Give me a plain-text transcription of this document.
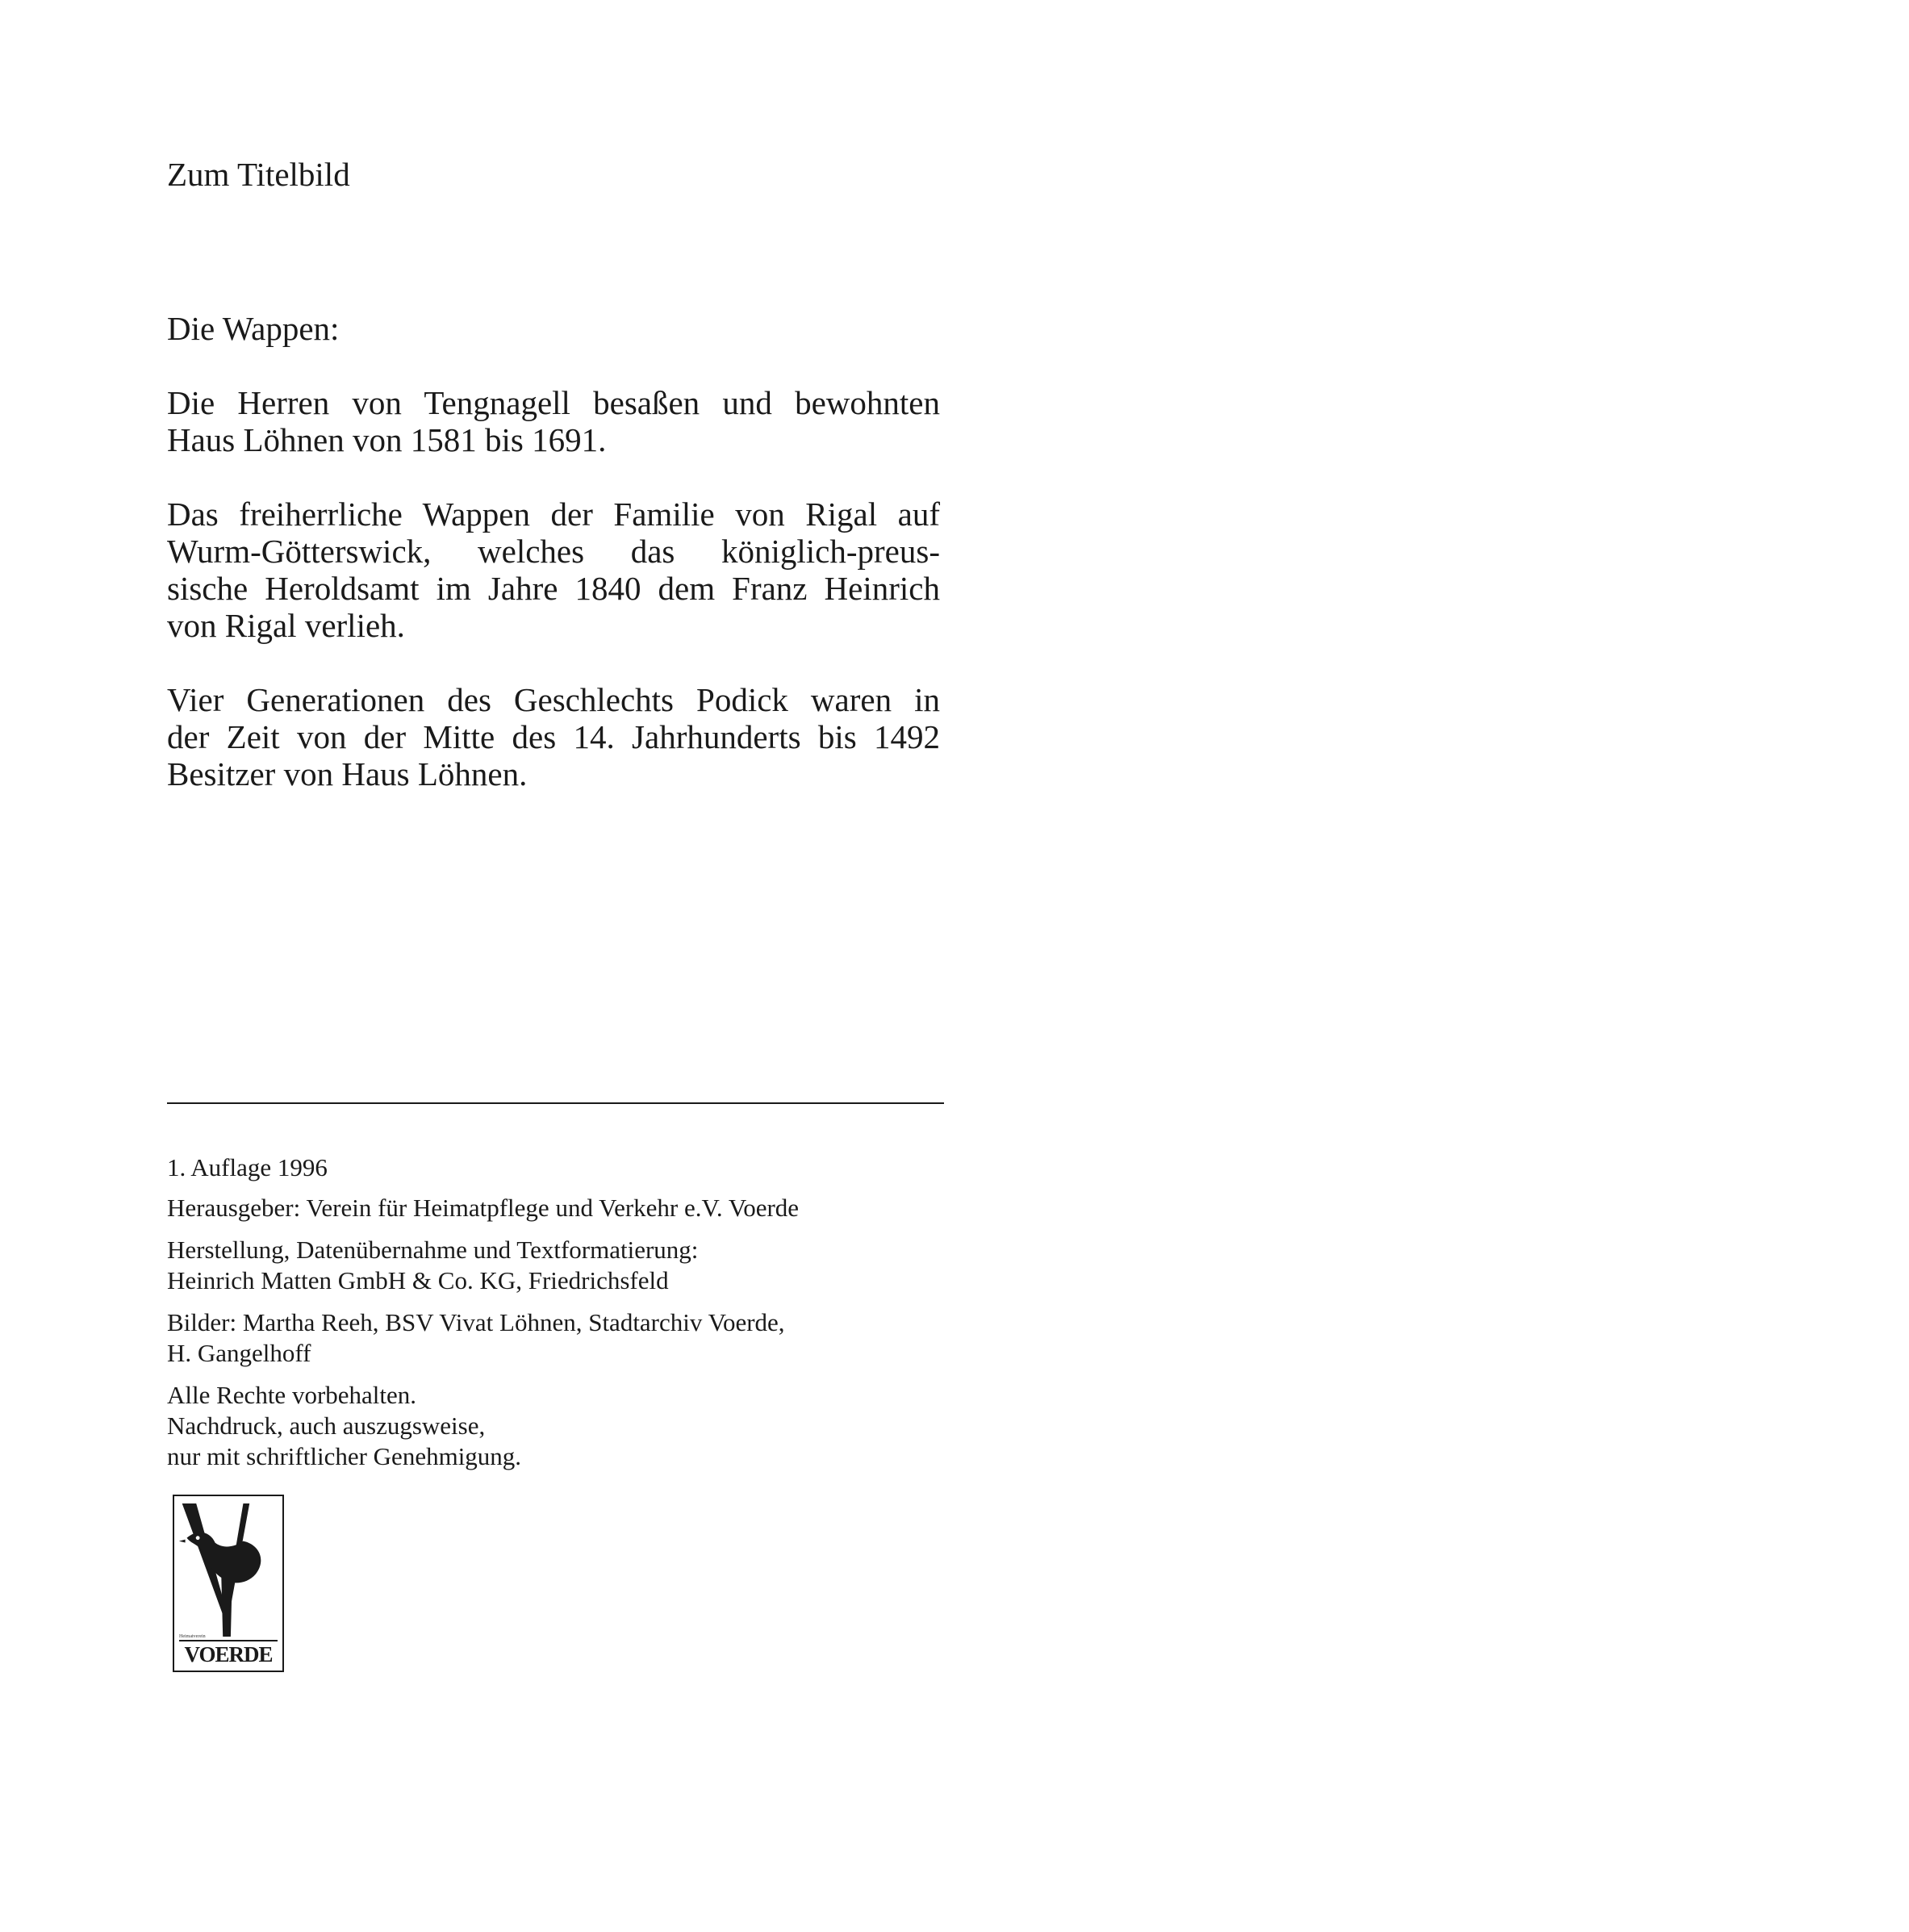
Zum Titelbild

Die Wappen:

Die Herren von Tengnagell besaßen und bewohnten

Haus Löhnen von 1581 bis 1691.

Das freiherrliche Wappen der Familie von Rigal auf

Wurm-Götterswick, welches das königlich-preus-

sische Heroldsamt im Jahre 1840 dem Franz Heinrich

von Rigal verlieh.

Vier Generationen des Geschlechts Podick waren in

der Zeit von der Mitte des 14. Jahrhunderts bis 1492

Besitzer von Haus Löhnen.

1. Auflage 1996

Herausgeber: Verein für Heimatpflege und Verkehr e.V. Voerde

Herstellung, Datenübernahme und Textformatierung:

Heinrich Matten GmbH & Co. KG, Friedrichsfeld

Bilder: Martha Reeh, BSV Vivat Löhnen, Stadtarchiv Voerde,

H. Gangelhoff

Alle Rechte vorbehalten.

Nachdruck, auch auszugsweise,

nur mit schriftlicher Genehmigung.

Heimatverein
VOERDE
